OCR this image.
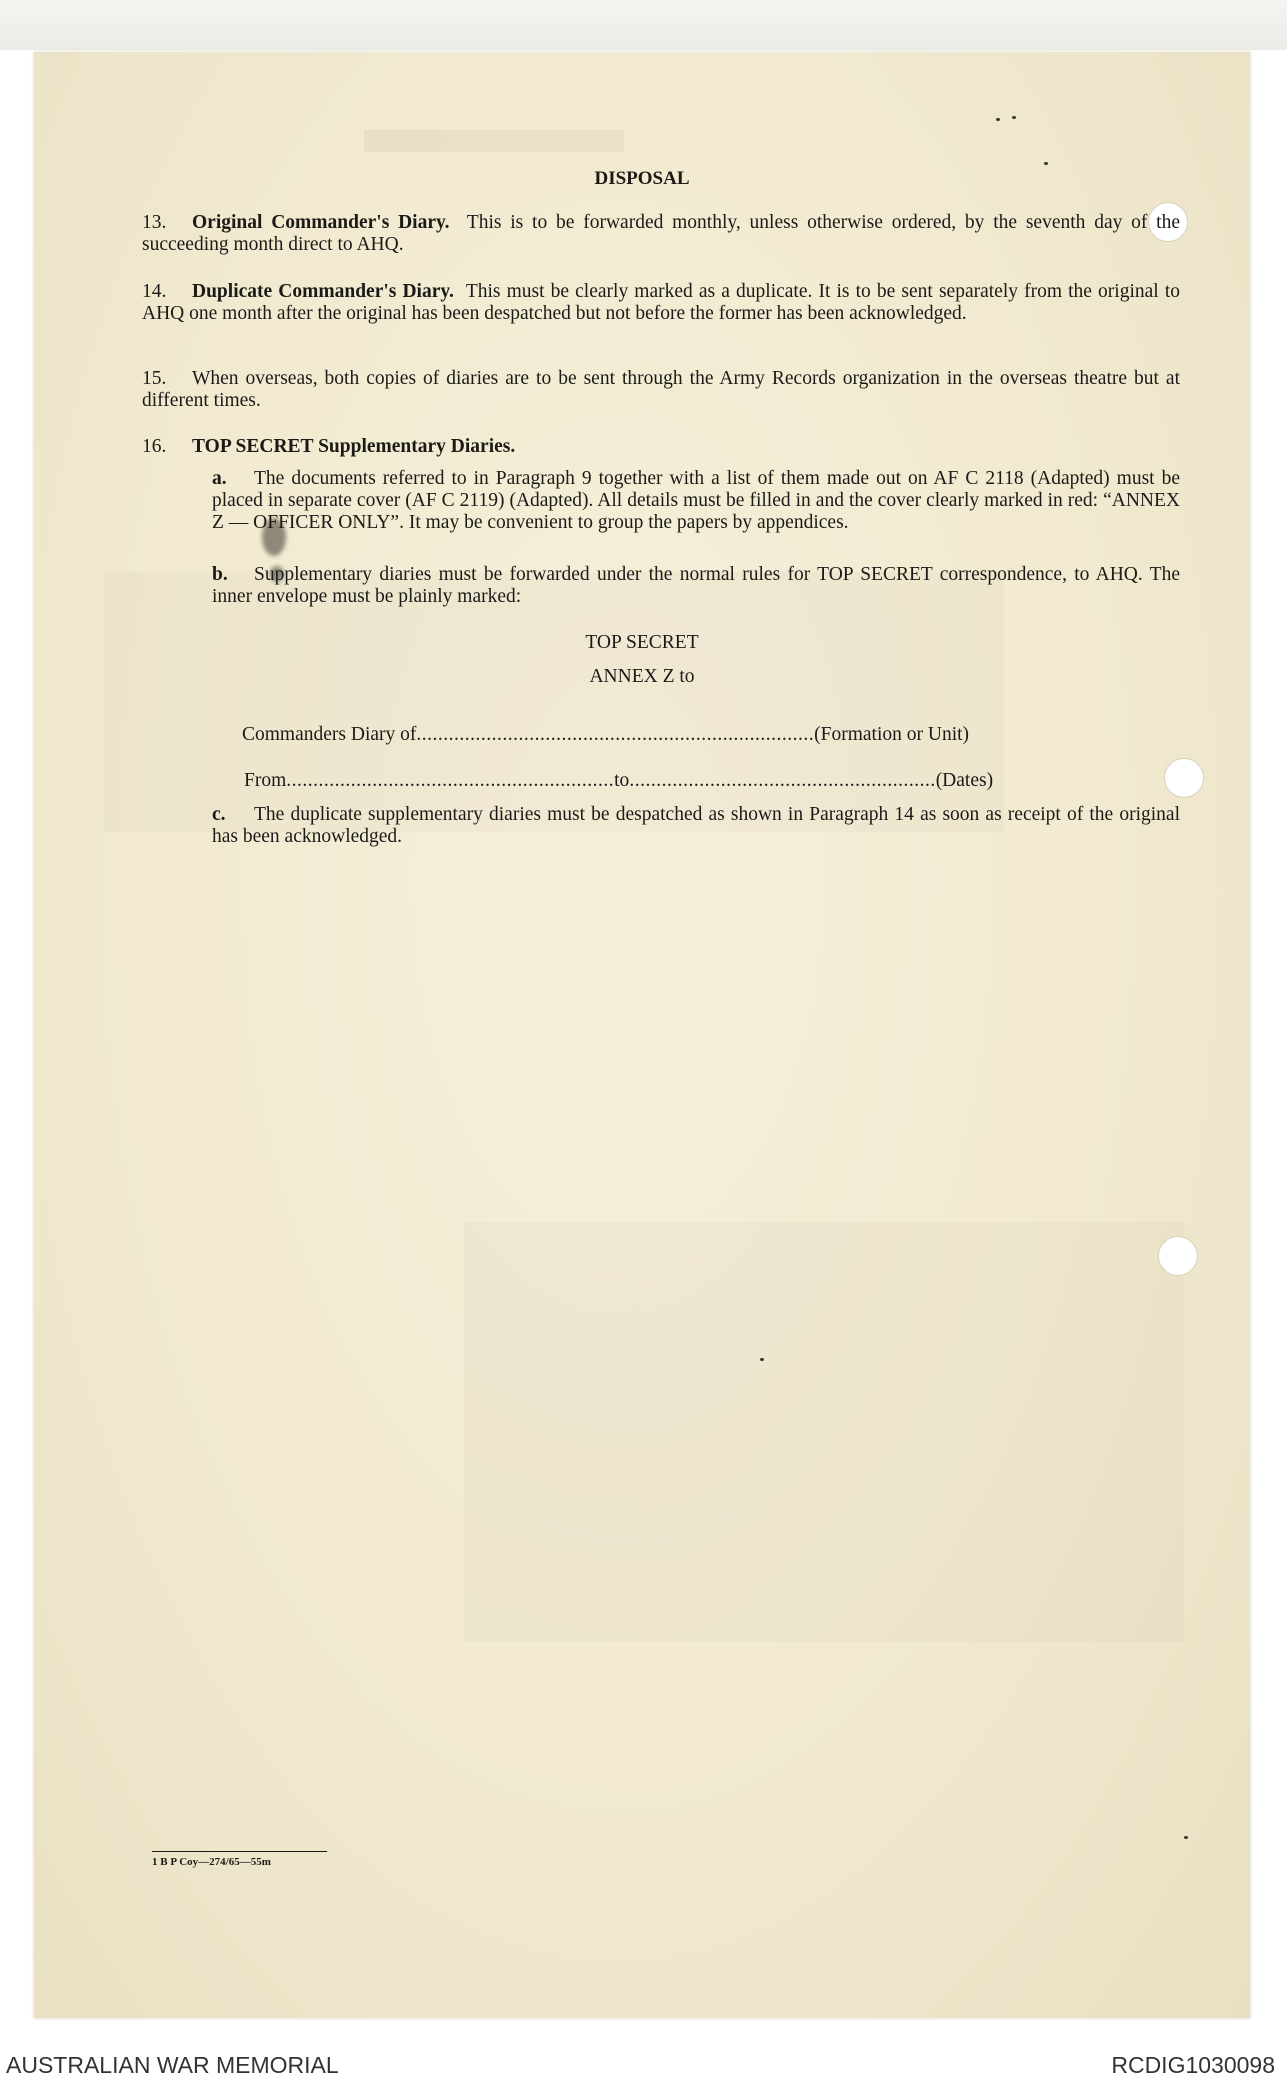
DISPOSAL
13. Original Commander's Diary. This is to be forwarded monthly, unless otherwise ordered, by the seventh day of the succeeding month direct to AHQ.
14. Duplicate Commander's Diary. This must be clearly marked as a duplicate. It is to be sent separately from the original to AHQ one month after the original has been despatched but not before the former has been acknowledged.
15. When overseas, both copies of diaries are to be sent through the Army Records organization in the overseas theatre but at different times.
16. TOP SECRET Supplementary Diaries.
a. The documents referred to in Paragraph 9 together with a list of them made out on AF C 2118 (Adapted) must be placed in separate cover (AF C 2119) (Adapted). All details must be filled in and the cover clearly marked in red: “ANNEX Z — OFFICER ONLY”. It may be convenient to group the papers by appendices.
b. Supplementary diaries must be forwarded under the normal rules for TOP SECRET correspondence, to AHQ. The inner envelope must be plainly marked:
TOP SECRET
ANNEX Z to
Commanders Diary of..........................................................................(Formation or Unit)
From.............................................................to.........................................................(Dates)
c. The duplicate supplementary diaries must be despatched as shown in Paragraph 14 as soon as receipt of the original has been acknowledged.
1 B P Coy—274/65—55m
AUSTRALIAN WAR MEMORIAL	RCDIG1030098
